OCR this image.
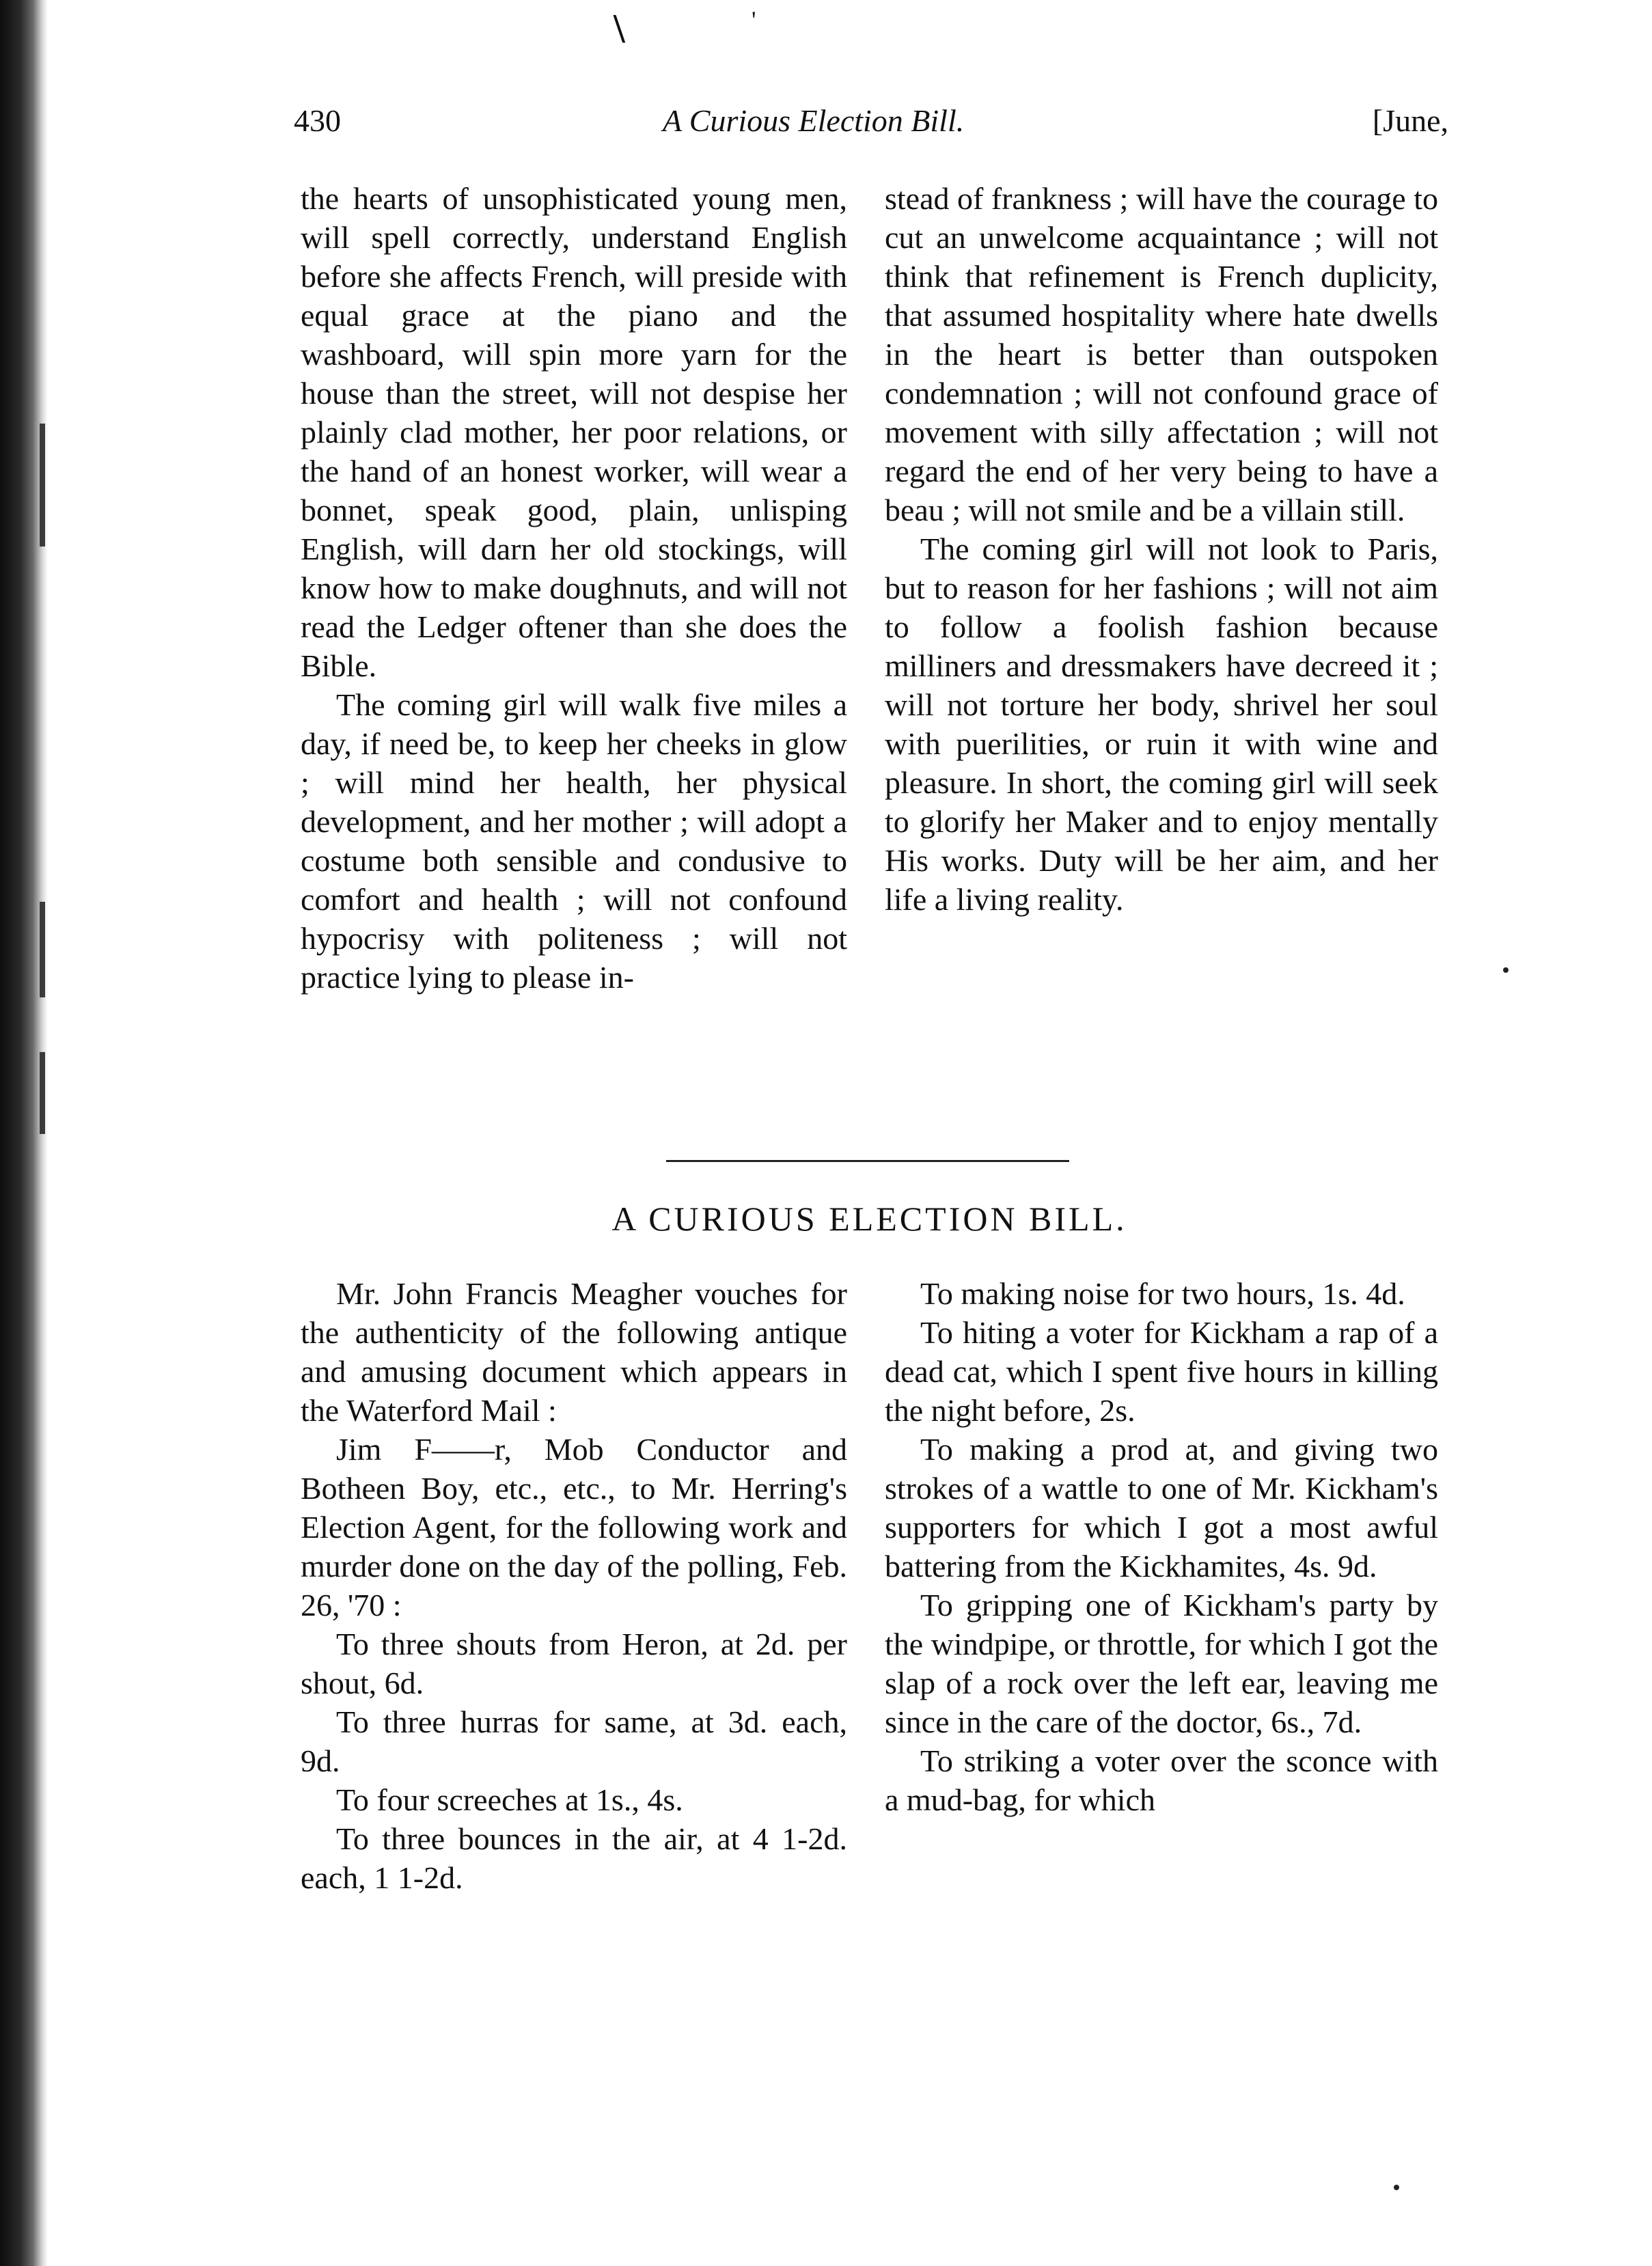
\	'
430	A Curious Election Bill.	[June,

the hearts of unsophisticated young men, will spell correctly, understand English before she affects French, will preside with equal grace at the piano and the washboard, will spin more yarn for the house than the street, will not despise her plainly clad mother, her poor relations, or the hand of an honest worker, will wear a bonnet, speak good, plain, unlisping English, will darn her old stockings, will know how to make doughnuts, and will not read the Ledger oftener than she does the Bible.

The coming girl will walk five miles a day, if need be, to keep her cheeks in glow ; will mind her health, her physical development, and her mother ; will adopt a costume both sensible and condusive to comfort and health ; will not confound hypocrisy with politeness ; will not practice lying to please in-

stead of frankness ; will have the courage to cut an unwelcome acquaintance ; will not think that refinement is French duplicity, that assumed hospitality where hate dwells in the heart is better than outspoken condemnation ; will not confound grace of movement with silly affectation ; will not regard the end of her very being to have a beau ; will not smile and be a villain still.

The coming girl will not look to Paris, but to reason for her fashions ; will not aim to follow a foolish fashion because milliners and dressmakers have decreed it ; will not torture her body, shrivel her soul with puerilities, or ruin it with wine and pleasure. In short, the coming girl will seek to glorify her Maker and to enjoy mentally His works. Duty will be her aim, and her life a living reality.

A CURIOUS ELECTION BILL.

Mr. John Francis Meagher vouches for the authenticity of the following antique and amusing document which appears in the Waterford Mail :

Jim F——r, Mob Conductor and Botheen Boy, etc., etc., to Mr. Herring's Election Agent, for the following work and murder done on the day of the polling, Feb. 26, '70 :

To three shouts from Heron, at 2d. per shout, 6d.

To three hurras for same, at 3d. each, 9d.

To four screeches at 1s., 4s.

To three bounces in the air, at 4 1-2d. each, 1 1-2d.

To making noise for two hours, 1s. 4d.

To hiting a voter for Kickham a rap of a dead cat, which I spent five hours in killing the night before, 2s.

To making a prod at, and giving two strokes of a wattle to one of Mr. Kickham's supporters for which I got a most awful battering from the Kickhamites, 4s. 9d.

To gripping one of Kickham's party by the windpipe, or throttle, for which I got the slap of a rock over the left ear, leaving me since in the care of the doctor, 6s., 7d.

To striking a voter over the sconce with a mud-bag, for which
